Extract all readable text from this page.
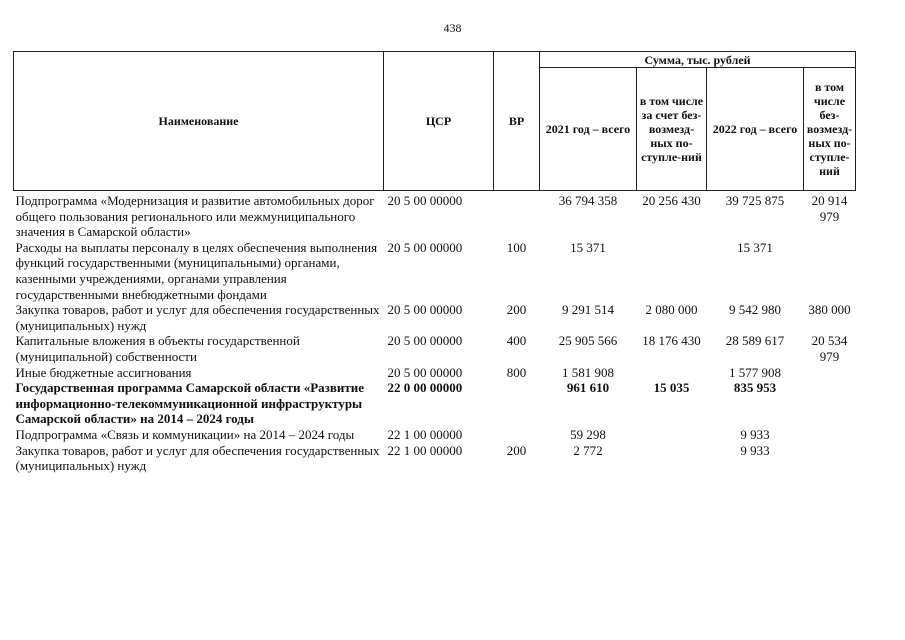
438
Наименование	ЦСР	ВР	Сумма, тыс. рублей			
			2021 год – всего	в том числе за счет без-возмезд-ных по-ступле-ний	2022 год – всего	в том числе без-возмезд-ных по-ступле-ний
Подпрограмма «Модернизация и развитие автомобильных дорог общего пользования регионального или межмуниципального значения в Самарской области»	20 5 00 00000		36 794 358	20 256 430	39 725 875	20 914 979
Расходы на выплаты персоналу в целях обеспечения выполнения функций государственными (муниципальными) органами, казенными учреждениями, органами управления государственными внебюджетными фондами	20 5 00 00000	100	15 371		15 371	
Закупка товаров, работ и услуг для обеспечения государственных (муниципальных) нужд	20 5 00 00000	200	9 291 514	2 080 000	9 542 980	380 000
Капитальные вложения в объекты государственной (муниципальной) собственности	20 5 00 00000	400	25 905 566	18 176 430	28 589 617	20 534 979
Иные бюджетные ассигнования	20 5 00 00000	800	1 581 908		1 577 908	
Государственная программа Самарской области «Развитие информационно-телекоммуникационной инфраструктуры Самарской области» на 2014 – 2024 годы	22 0 00 00000		961 610	15 035	835 953	
Подпрограмма «Связь и коммуникации» на 2014 – 2024 годы	22 1 00 00000		59 298		9 933	
Закупка товаров, работ и услуг для обеспечения государственных (муниципальных) нужд	22 1 00 00000	200	2 772		9 933	
